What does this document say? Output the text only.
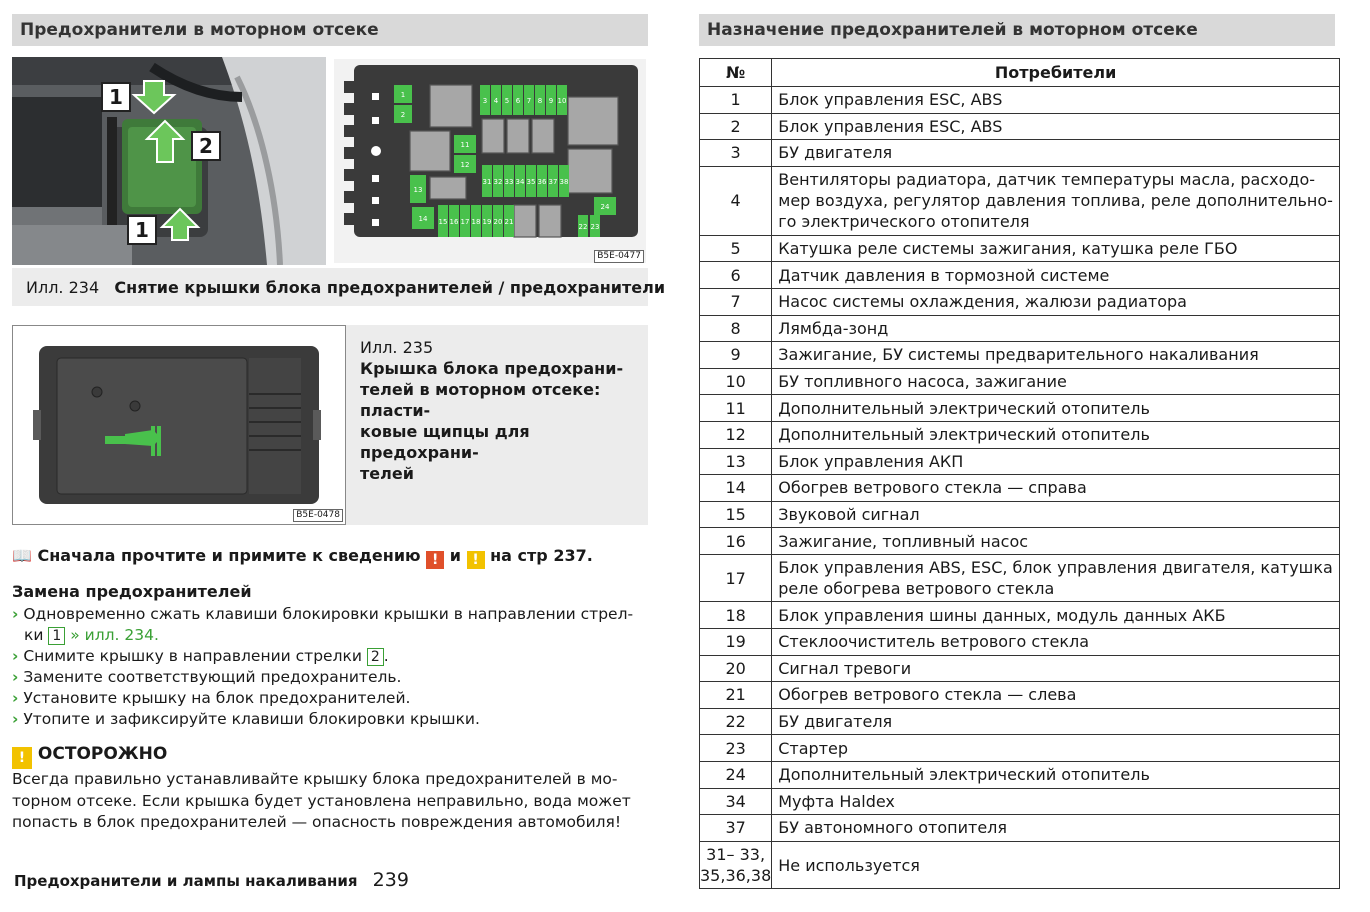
Предохранители в моторном отсеке
1
2
1
1
2
3 4 5 6 7 8 9 10
11
12
13
14 15 16 17 18 19 20 21
22 23
24
31 32 33 34 35 36 37 38
B5E-0477
Илл. 234 Снятие крышки блока предохранителей / предохранители
B5E-0478
Илл. 235
Крышка блока предохрани-
телей в моторном отсеке: пласти-
ковые щипцы для предохрани-
телей
📖 Сначала прочтите и примите к сведению ! и ! на стр 237.
Замена предохранителей
› Одновременно сжать клавиши блокировки крышки в направлении стрел-
ки 1 » илл. 234.
› Снимите крышку в направлении стрелки 2 .
› Замените соответствующий предохранитель.
› Установите крышку на блок предохранителей.
› Утопите и зафиксируйте клавиши блокировки крышки.
! ОСТОРОЖНО
Всегда правильно устанавливайте крышку блока предохранителей в мо-
торном отсеке. Если крышка будет установлена неправильно, вода может
попасть в блок предохранителей — опасность повреждения автомобиля!
Предохранители и лампы накаливания 239
Назначение предохранителей в моторном отсеке
№	Потребители
1	Блок управления ESC, ABS

2	Блок управления ESC, ABS

3	БУ двигателя

4	Вентиляторы радиатора, датчик температуры масла, расходо-
мер воздуха, регулятор давления топлива, реле дополнительно-
го электрического отопителя

5	Катушка реле системы зажигания, катушка реле ГБО

6	Датчик давления в тормозной системе

7	Насос системы охлаждения, жалюзи радиатора

8	Лямбда-зонд

9	Зажигание, БУ системы предварительного накаливания

10	БУ топливного насоса, зажигание

11	Дополнительный электрический отопитель

12	Дополнительный электрический отопитель

13	Блок управления АКП

14	Обогрев ветрового стекла — справа

15	Звуковой сигнал

16	Зажигание, топливный насос

17	Блок управления ABS, ESC, блок управления двигателя, катушка
реле обогрева ветрового стекла

18	Блок управления шины данных, модуль данных АКБ

19	Стеклоочиститель ветрового стекла

20	Сигнал тревоги

21	Обогрев ветрового стекла — слева

22	БУ двигателя

23	Стартер

24	Дополнительный электрический отопитель

34	Муфта Haldex

37	БУ автономного отопителя

31– 33,
35,36,38	Не используется
